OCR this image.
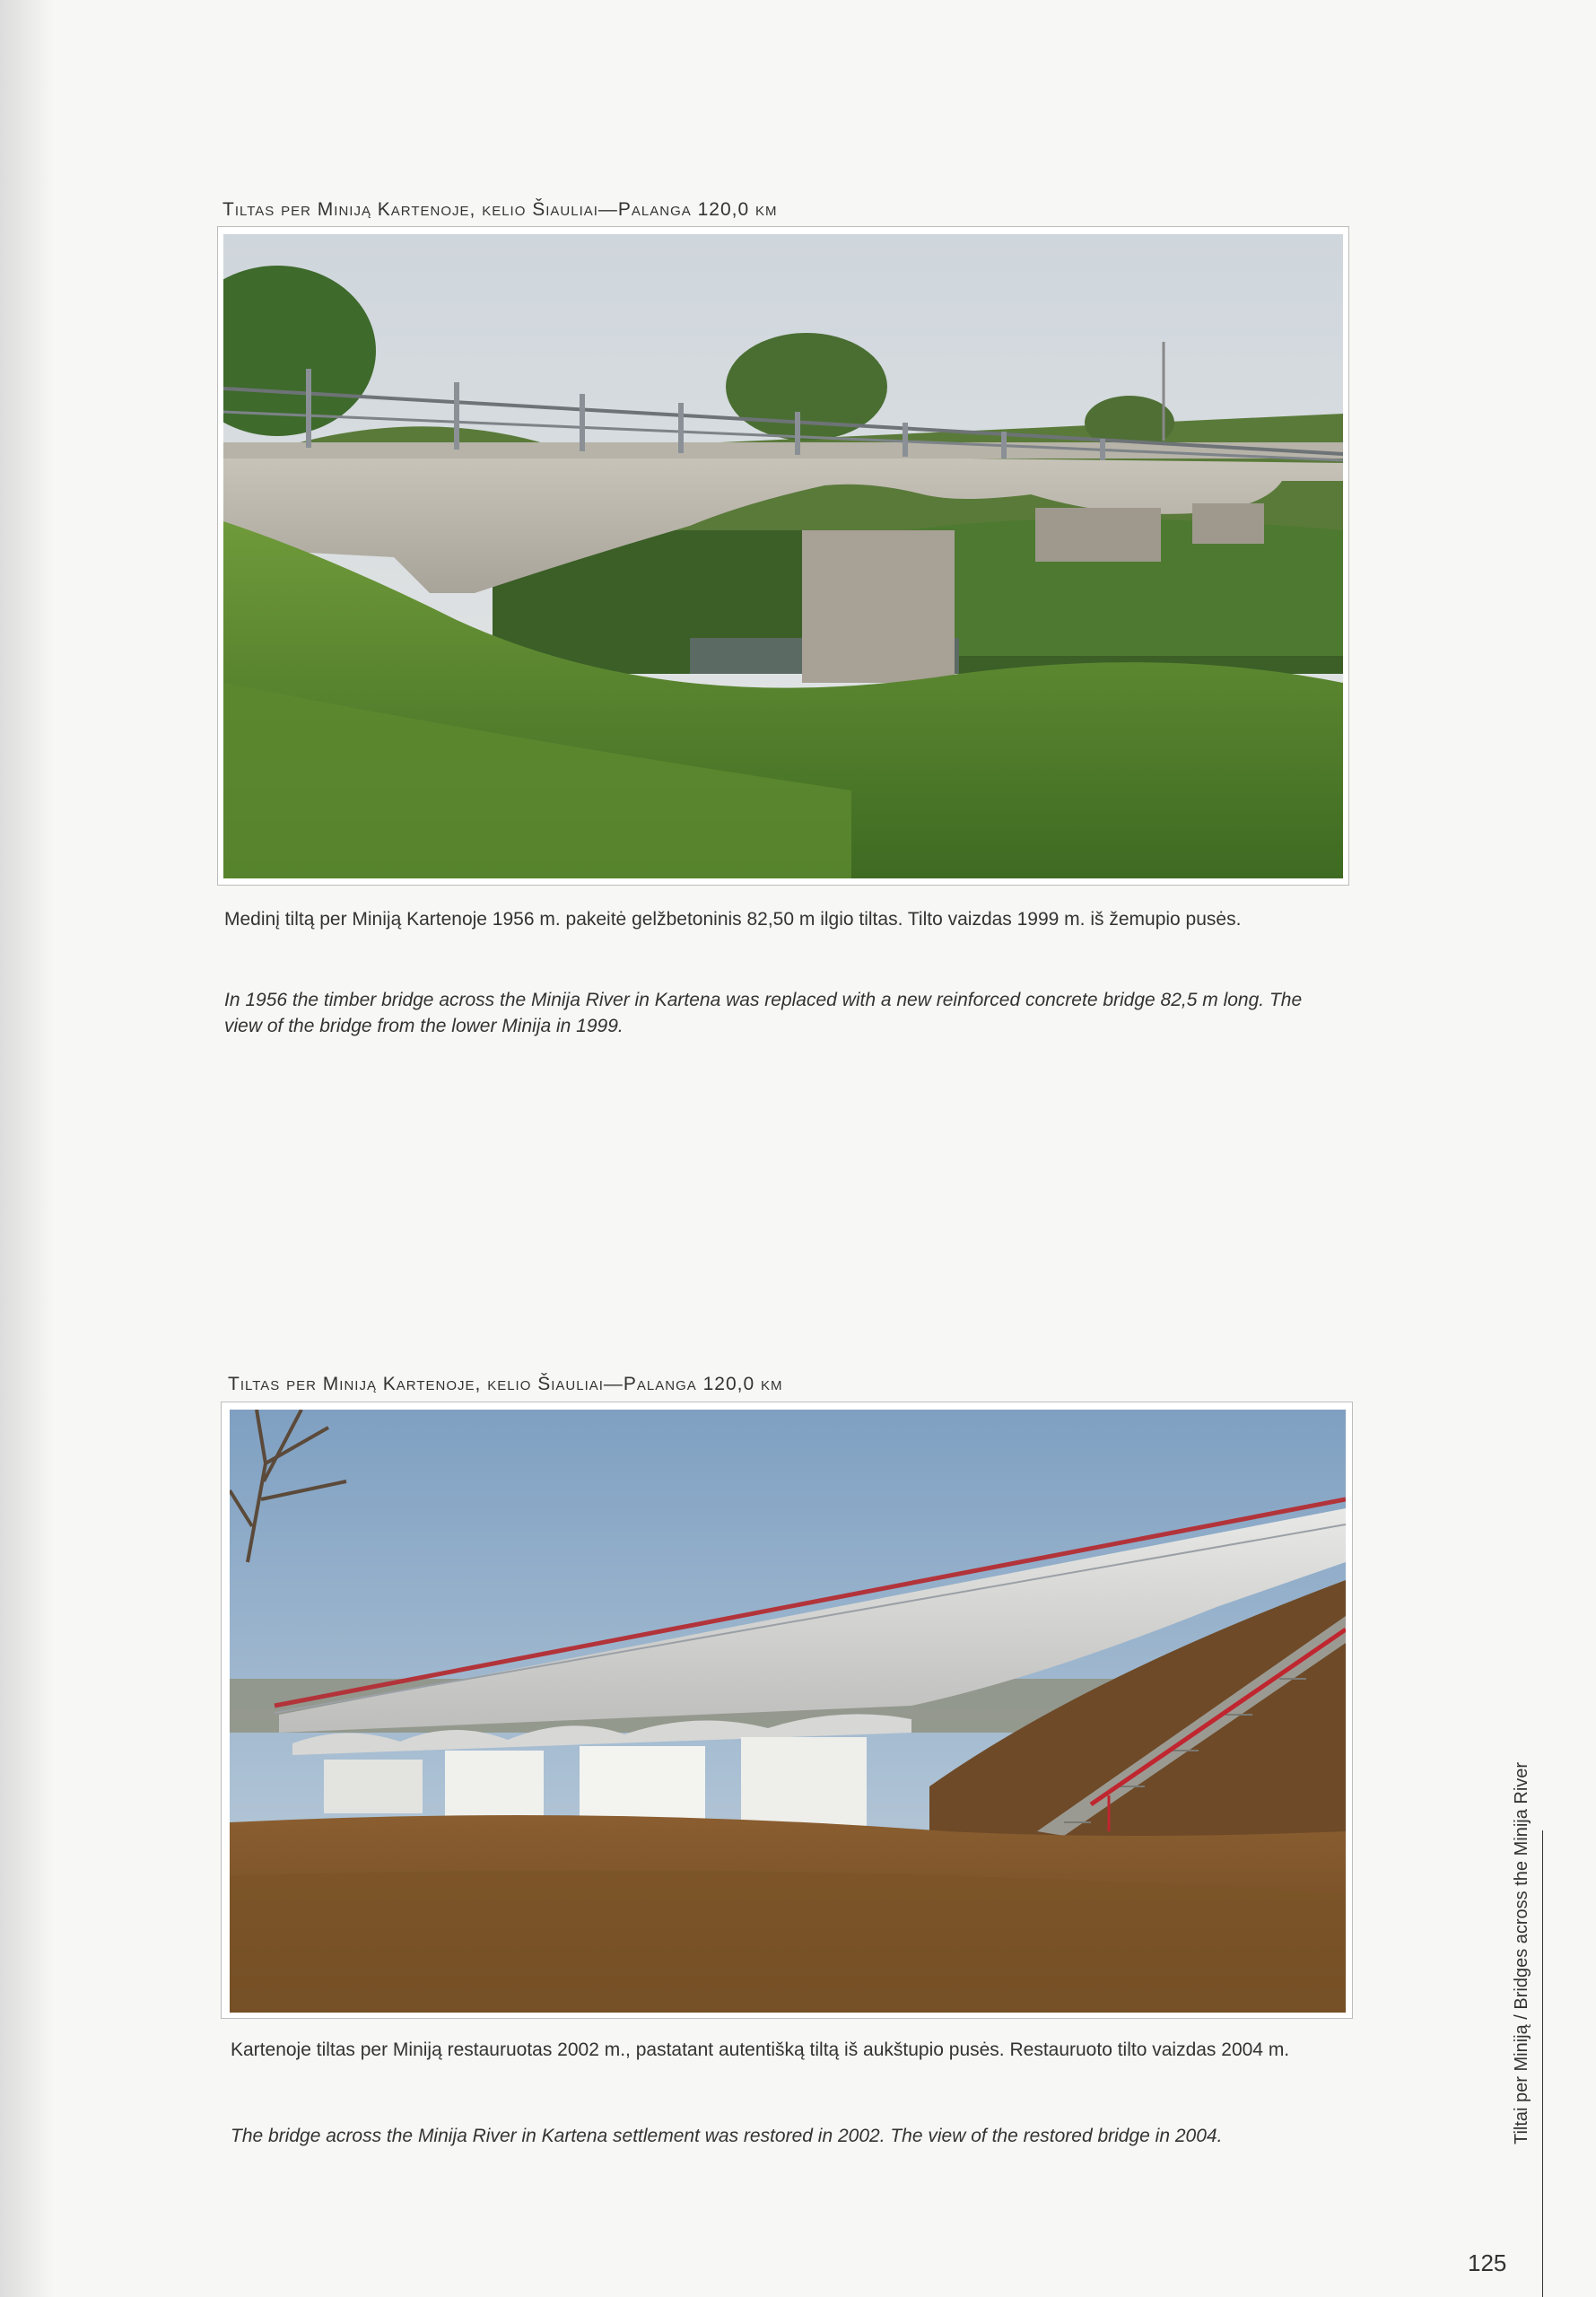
Tiltas per Miniją Kartenoje, kelio Šiauliai—Palanga 120,0 km
Medinį tiltą per Miniją Kartenoje 1956 m. pakeitė gelžbetoninis 82,50 m ilgio tiltas. Tilto vaizdas 1999 m. iš žemupio pusės.
In 1956 the timber bridge across the Minija River in Kartena was replaced with a new reinforced concrete bridge 82,5 m long. The view of the bridge from the lower Minija in 1999.
Tiltas per Miniją Kartenoje, kelio Šiauliai—Palanga 120,0 km
Kartenoje tiltas per Miniją restauruotas 2002 m., pastatant autentišką tiltą iš aukštupio pusės. Restauruoto tilto vaizdas 2004 m.
The bridge across the Minija River in Kartena settlement was restored in 2002. The view of the restored bridge in 2004.	Tiltai per Miniją / Bridges across the Minija River
125
